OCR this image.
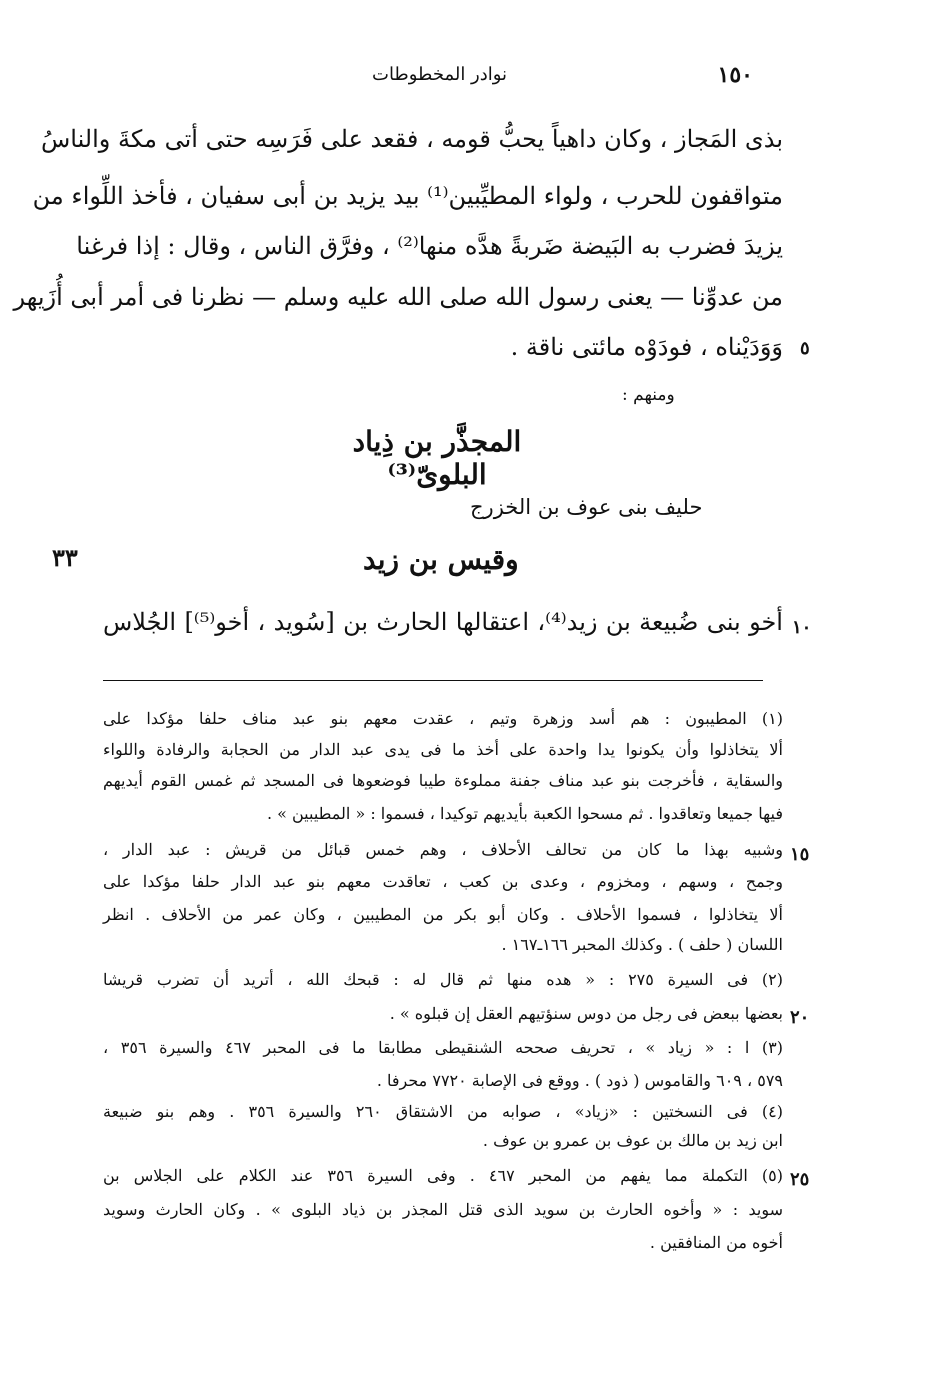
١٥٠
نوادر المخطوطات
بذى المَجاز ، وكان داهياً يحبُّ قومه ، فقعد على فَرَسِه حتى أتى مكةَ والناسُ
متواقفون للحرب ، ولواء المطيِّبين⁽¹⁾ بيد يزيد بن أبى سفيان ، فأخذ اللِّواء من
يزيدَ فضرب به البَيضة ضَربةً هدَّه منها⁽²⁾ ، وفرَّق الناس ، وقال : إذا فرغنا
من عدوِّنا — يعنى رسول الله صلى الله عليه وسلم — نظرنا فى أمر أبى أُزَيهر
وَوَدَيْناه ، فودَوْه مائتى ناقة . ٥
ومنهم :
المجذَّر بن ذِياد البلوىّ⁽³⁾
حليف بنى عوف بن الخزرج
٣٣	وقيس بن زيد
أخو بنى ضُبيعة بن زيد⁽⁴⁾، اعتقالها الحارث بن [سُويد ، أخو⁽⁵⁾] الجُلاس ١٠
(١) المطيبون : هم أسد وزهرة وتيم ، عقدت معهم بنو عبد مناف حلفا مؤكدا على
ألا يتخاذلوا وأن يكونوا يدا واحدة على أخذ ما فى يدى عبد الدار من الحجابة والرفادة واللواء
والسقاية ، فأخرجت بنو عبد مناف جفنة مملوءة طيبا فوضعوها فى المسجد ثم غمس القوم أيديهم
فيها جميعا وتعاقدوا . ثم مسحوا الكعبة بأيديهم توكيدا ، فسموا : « المطيبين » .
وشبيه بهذا ما كان من تحالف الأحلاف ، وهم خمس قبائل من قريش : عبد الدار ،
وجمح ، وسهم ، ومخزوم ، وعدى بن كعب ، تعاقدت معهم بنو عبد الدار حلفا مؤكدا على
ألا يتخاذلوا ، فسموا الأحلاف . وكان أبو بكر من المطيبين ، وكان عمر من الأحلاف . انظر
اللسان ( حلف ) . وكذلك المحبر ١٦٦ـ١٦٧ .
(٢) فى السيرة ٢٧٥ : « هده منها ثم قال له : قبحك الله ، أتريد أن تضرب قريشا
بعضها ببعض فى رجل من دوس سنؤتيهم العقل إن قبلوه » .
(٣) ا : « زياد » ، تحريف صححه الشنقيطى مطابقا ما فى المحبر ٤٦٧ والسيرة ٣٥٦ ،
٥٧٩ ، ٦٠٩ والقاموس ( ذود ) . ووقع فى الإصابة ٧٧٢٠ محرفا .
(٤) فى النسختين : «زياد» ، صوابه من الاشتقاق ٢٦٠ والسيرة ٣٥٦ . وهم بنو ضبيعة
ابن زيد بن مالك بن عوف بن عمرو بن عوف .
(٥) التكملة مما يفهم من المحبر ٤٦٧ . وفى السيرة ٣٥٦ عند الكلام على الجلاس بن
سويد : « وأخوه الحارث بن سويد الذى قتل المجذر بن ذياد البلوى » . وكان الحارث وسويد
أخوه من المنافقين .
١٥
٢٠
٢٥
